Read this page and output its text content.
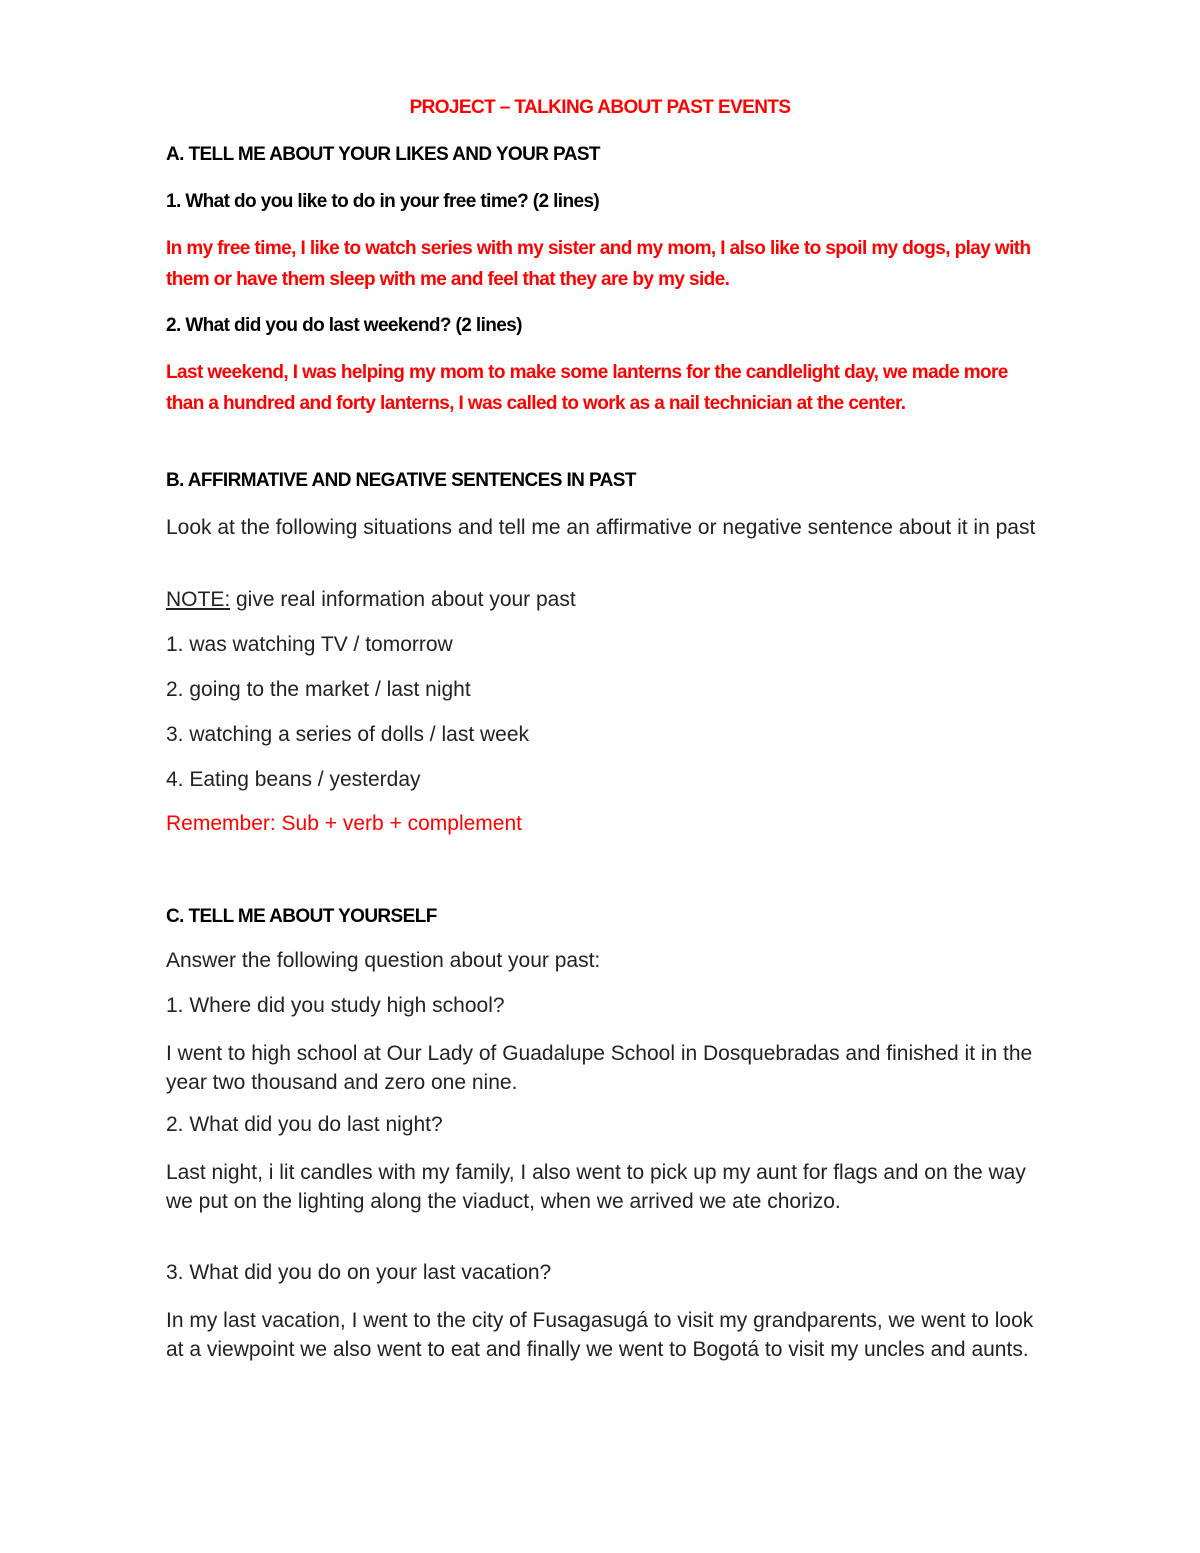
PROJECT – TALKING ABOUT PAST EVENTS
A. TELL ME ABOUT YOUR LIKES AND YOUR PAST
1. What do you like to do in your free time? (2 lines)
In my free time, I like to watch series with my sister and my mom, I also like to spoil my dogs, play with them or have them sleep with me and feel that they are by my side.
2. What did you do last weekend? (2 lines)
Last weekend, I was helping my mom to make some lanterns for the candlelight day, we made more than a hundred and forty lanterns, I was called to work as a nail technician at the center.
B. AFFIRMATIVE AND NEGATIVE SENTENCES IN PAST
Look at the following situations and tell me an affirmative or negative sentence about it in past
NOTE: give real information about your past
1. was watching TV / tomorrow
2. going to the market / last night
3. watching a series of dolls / last week
4. Eating beans / yesterday
Remember: Sub + verb + complement
C. TELL ME ABOUT YOURSELF
Answer the following question about your past:
1. Where did you study high school?
I went to high school at Our Lady of Guadalupe School in Dosquebradas and finished it in the year two thousand and zero one nine.
2. What did you do last night?
Last night, i lit candles with my family, I also went to pick up my aunt for flags and on the way we put on the lighting along the viaduct, when we arrived we ate chorizo.
3. What did you do on your last vacation?
In my last vacation, I went to the city of Fusagasugá to visit my grandparents, we went to look at a viewpoint we also went to eat and finally we went to Bogotá to visit my uncles and aunts.
